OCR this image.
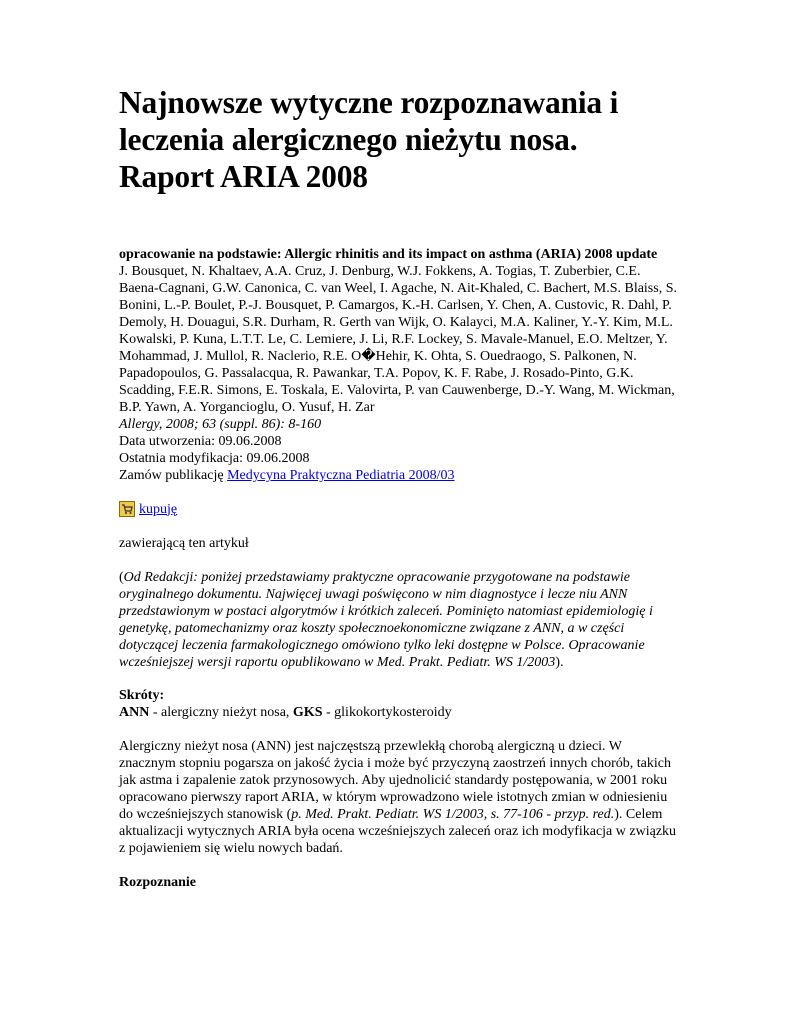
Najnowsze wytyczne rozpoznawania i leczenia alergicznego nieżytu nosa. Raport ARIA 2008
opracowanie na podstawie: Allergic rhinitis and its impact on asthma (ARIA) 2008 update
J. Bousquet, N. Khaltaev, A.A. Cruz, J. Denburg, W.J. Fokkens, A. Togias, T. Zuberbier, C.E. Baena-Cagnani, G.W. Canonica, C. van Weel, I. Agache, N. Ait-Khaled, C. Bachert, M.S. Blaiss, S. Bonini, L.-P. Boulet, P.-J. Bousquet, P. Camargos, K.-H. Carlsen, Y. Chen, A. Custovic, R. Dahl, P. Demoly, H. Douagui, S.R. Durham, R. Gerth van Wijk, O. Kalayci, M.A. Kaliner, Y.-Y. Kim, M.L. Kowalski, P. Kuna, L.T.T. Le, C. Lemiere, J. Li, R.F. Lockey, S. Mavale-Manuel, E.O. Meltzer, Y. Mohammad, J. Mullol, R. Naclerio, R.E. O�Hehir, K. Ohta, S. Ouedraogo, S. Palkonen, N. Papadopoulos, G. Passalacqua, R. Pawankar, T.A. Popov, K. F. Rabe, J. Rosado-Pinto, G.K. Scadding, F.E.R. Simons, E. Toskala, E. Valovirta, P. van Cauwenberge, D.-Y. Wang, M. Wickman, B.P. Yawn, A. Yorgancioglu, O. Yusuf, H. Zar
Allergy, 2008; 63 (suppl. 86): 8-160
Data utworzenia: 09.06.2008
Ostatnia modyfikacja: 09.06.2008
Zamów publikację Medycyna Praktyczna Pediatria 2008/03
kupuję
zawierającą ten artykuł
(Od Redakcji: poniżej przedstawiamy praktyczne opracowanie przygotowane na podstawie oryginalnego dokumentu. Najwięcej uwagi poświęcono w nim diagnostyce i lecze niu ANN przedstawionym w postaci algorytmów i krótkich zaleceń. Pominięto natomiast epidemiologię i genetykę, patomechanizmy oraz koszty społecznoekonomiczne związane z ANN, a w części dotyczącej leczenia farmakologicznego omówiono tylko leki dostępne w Polsce. Opracowanie wcześniejszej wersji raportu opublikowano w Med. Prakt. Pediatr. WS 1/2003).
Skróty:
ANN - alergiczny nieżyt nosa, GKS - glikokortykosteroidy
Alergiczny nieżyt nosa (ANN) jest najczęstszą przewlekłą chorobą alergiczną u dzieci. W znacznym stopniu pogarsza on jakość życia i może być przyczyną zaostrzeń innych chorób, takich jak astma i zapalenie zatok przynosowych. Aby ujednolicić standardy postępowania, w 2001 roku opracowano pierwszy raport ARIA, w którym wprowadzono wiele istotnych zmian w odniesieniu do wcześniejszych stanowisk (p. Med. Prakt. Pediatr. WS 1/2003, s. 77-106 - przyp. red.). Celem aktualizacji wytycznych ARIA była ocena wcześniejszych zaleceń oraz ich modyfikacja w związku z pojawieniem się wielu nowych badań.
Rozpoznanie
